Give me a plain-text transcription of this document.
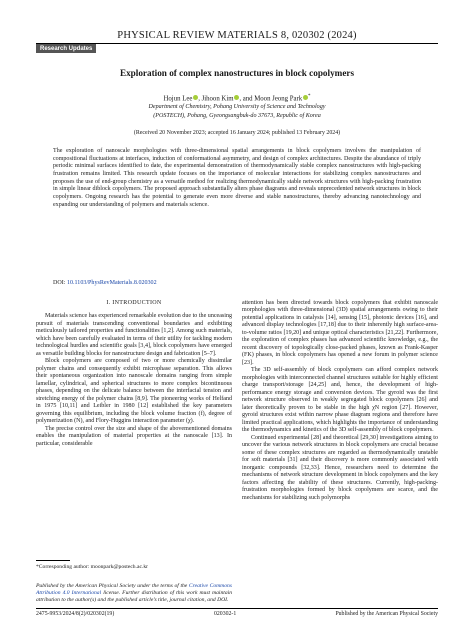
PHYSICAL REVIEW MATERIALS 8, 020302 (2024)
Research Updates
Exploration of complex nanostructures in block copolymers
Hojun Lee , Jihoon Kim , and Moon Jeong Park *
Department of Chemistry, Pohang University of Science and Technology
(POSTECH), Pohang, Gyeongsangbuk-do 37673, Republic of Korea
(Received 20 November 2023; accepted 16 January 2024; published 13 February 2024)

The exploration of nanoscale morphologies with three-dimensional spatial arrangements in block copolymers involves the manipulation of compositional fluctuations at interfaces, induction of conformational asymmetry, and design of complex architectures. Despite the abundance of triply periodic minimal surfaces identified to date, the experimental demonstration of thermodynamically stable complex nanostructures with high-packing frustration remains limited. This research update focuses on the importance of molecular interactions for stabilizing complex nanostructures and proposes the use of end-group chemistry as a versatile method for realizing thermodynamically stable network structures with high-packing frustration in simple linear diblock copolymers. The proposed approach substantially alters phase diagrams and reveals unprecedented network structures in block copolymers. Ongoing research has the potential to generate even more diverse and stable nanostructures, thereby advancing nanotechnology and expanding our understanding of polymers and materials science.

DOI: 10.1103/PhysRevMaterials.8.020302

I. INTRODUCTION

Materials science has experienced remarkable evolution due to the unceasing pursuit of materials transcending conventional boundaries and exhibiting meticulously tailored properties and functionalities [1,2]. Among such materials, which have been carefully evaluated in terms of their utility for tackling modern technological hurdles and scientific goals [3,4], block copolymers have emerged as versatile building blocks for nanostructure design and fabrication [5–7].

Block copolymers are composed of two or more chemically dissimilar polymer chains and consequently exhibit microphase separation. This allows their spontaneous organization into nanoscale domains ranging from simple lamellar, cylindrical, and spherical structures to more complex bicontinuous phases, depending on the delicate balance between the interfacial tension and stretching energy of the polymer chains [8,9]. The pioneering works of Helfand in 1975 [10,11] and Leibler in 1980 [12] established the key parameters governing this equilibrium, including the block volume fraction (f), degree of polymerization (N), and Flory-Huggins interaction parameter (χ).

The precise control over the size and shape of the abovementioned domains enables the manipulation of material properties at the nanoscale [13]. In particular, considerable

attention has been directed towards block copolymers that exhibit nanoscale morphologies with three-dimensional (3D) spatial arrangements owing to their potential applications in catalysis [14], sensing [15], photonic devices [16], and advanced display technologies [17,18] due to their inherently high surface-area-to-volume ratios [19,20] and unique optical characteristics [21,22]. Furthermore, the exploration of complex phases has advanced scientific knowledge, e.g., the recent discovery of topologically close-packed phases, known as Frank-Kasper (FK) phases, in block copolymers has opened a new forum in polymer science [23].

The 3D self-assembly of block copolymers can afford complex network morphologies with interconnected channel structures suitable for highly efficient charge transport/storage [24,25] and, hence, the development of high-performance energy storage and conversion devices. The gyroid was the first network structure observed in weakly segregated block copolymers [26] and later theoretically proven to be stable in the high χN region [27]. However, gyroid structures exist within narrow phase diagram regions and therefore have limited practical applications, which highlights the importance of understanding the thermodynamics and kinetics of the 3D self-assembly of block copolymers.

Continued experimental [28] and theoretical [29,30] investigations aiming to uncover the various network structures in block copolymers are crucial because some of these complex structures are regarded as thermodynamically unstable for soft materials [31] and their discovery is more commonly associated with inorganic compounds [32,33]. Hence, researchers need to determine the mechanisms of network structure development in block copolymers and the key factors affecting the stability of these structures. Currently, high-packing-frustration morphologies formed by block copolymers are scarce, and the mechanisms for stabilizing such polymorphs

*Corresponding author: moonpark@postech.ac.kr

Published by the American Physical Society under the terms of the Creative Commons Attribution 4.0 International license. Further distribution of this work must maintain attribution to the author(s) and the published article’s title, journal citation, and DOI.

2475-9953/2024/8(2)/020302(19)	020302-1	Published by the American Physical Society
